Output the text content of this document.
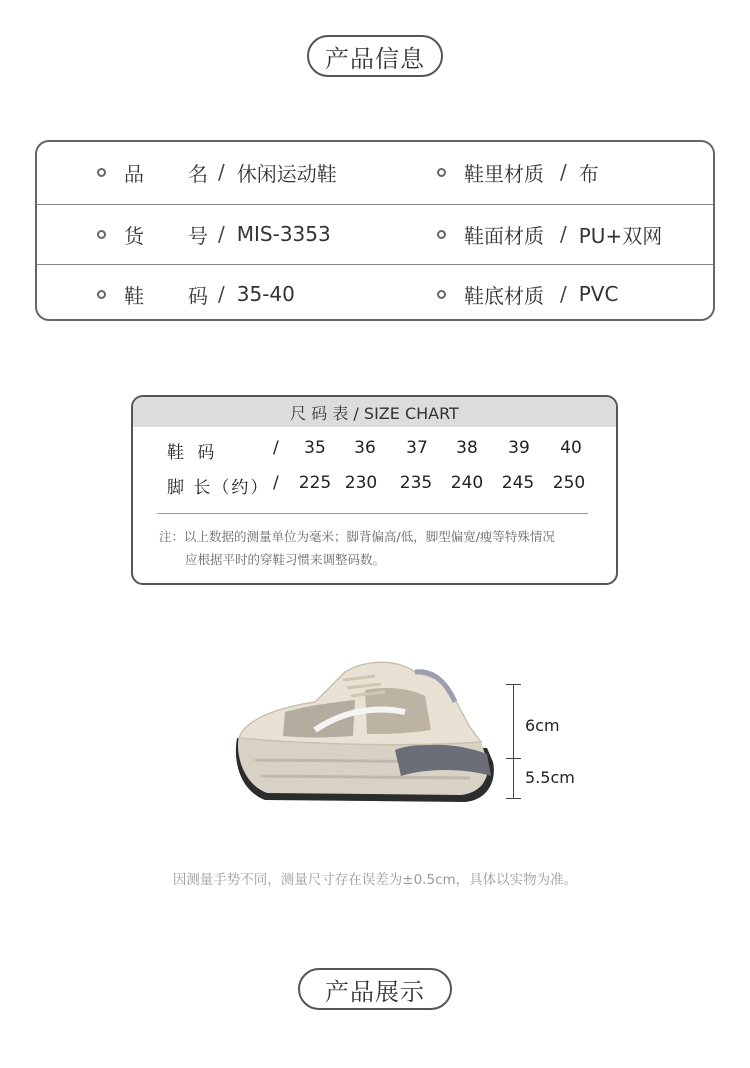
产品信息
品名 / 休闲运动鞋	鞋里材质 / 布
货号 / MIS-3353	鞋面材质 / PU+双网
鞋码 / 35-40	鞋底材质 / PVC
尺 码 表 / SIZE CHART
鞋 码	/	35	36	37	38	39	40
脚 长（约） / 225 230 235 240 245 250
注：以上数据的测量单位为毫米；脚背偏高/低，脚型偏宽/瘦等特殊情况
应根据平时的穿鞋习惯来调整码数。
6cm
5.5cm
因测量手势不同，测量尺寸存在误差为±0.5cm，具体以实物为准。
产品展示
